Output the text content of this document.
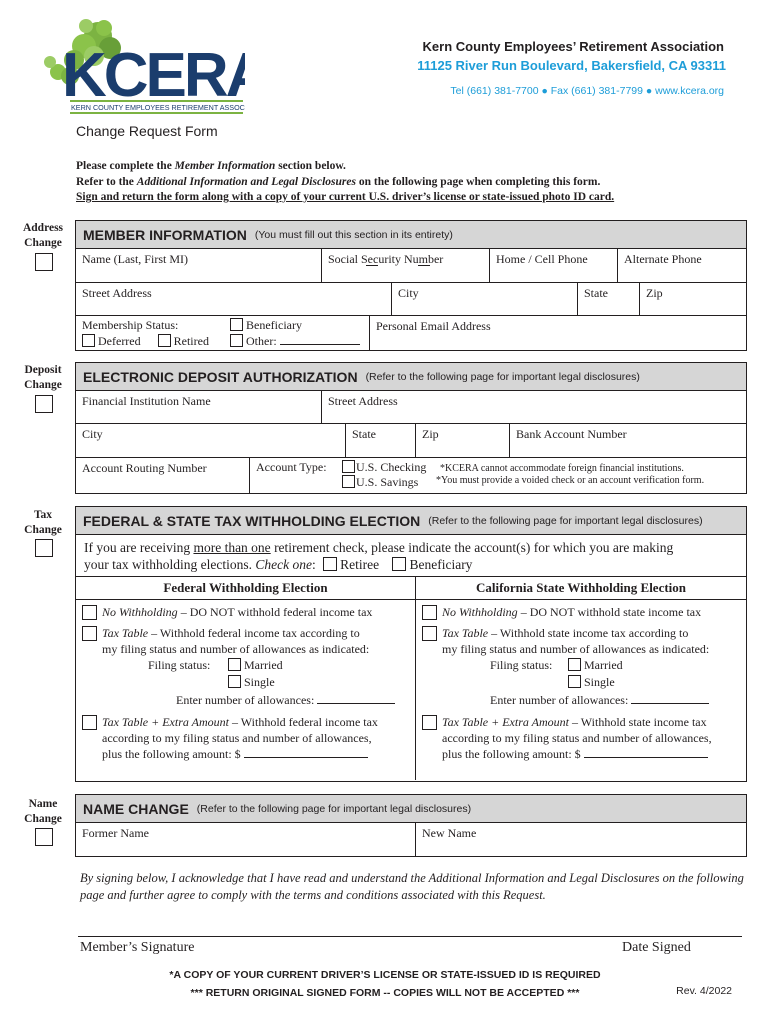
KCER
KERN COUNTY EMPLOYEES RETIREMENT ASSOC
Kern County Employees’ Retirement Association
11125 River Run Boulevard, Bakersfield, CA 93311
Tel (661) 381-7700 ● Fax (661) 381-7799 ● www.kcera.org
Change Request Form
Please complete the Member Information section below.
Refer to the Additional Information and Legal Disclosures on the following page when completing this form.
Sign and return the form along with a copy of your current U.S. driver’s license or state-issued photo ID card.
Address
Change
Deposit
Change
Tax
Change
Name
Change
MEMBER INFORMATION (You must fill out this section in its entirety)
Name (Last, First MI)	Social Security Number	Home / Cell Phone	Alternate Phone
Street Address	City	State	Zip
Membership Status:	Beneficiary
Deferred	Retired	Other:
Personal Email Address
ELECTRONIC DEPOSIT AUTHORIZATION (Refer to the following page for important legal disclosures)
Financial Institution Name	Street Address
City	State	Zip	Bank Account Number
Account Routing Number	Account Type:	U.S. Checking *KCERA cannot accommodate foreign financial institutions.
U.S. Savings *You must provide a voided check or an account verification form.
FEDERAL & STATE TAX WITHHOLDING ELECTION (Refer to the following page for important legal disclosures)
If you are receiving more than one retirement check, please indicate the account(s) for which you are making
your tax withholding elections. Check one: Retiree Beneficiary
Federal Withholding Election
No Withholding – DO NOT withhold federal income tax
Tax Table – Withhold federal income tax according to
my filing status and number of allowances as indicated:
Filing status:	Married
Single
Enter number of allowances:
Tax Table + Extra Amount – Withhold federal income tax
according to my filing status and number of allowances,
plus the following amount: $
California State Withholding Election
No Withholding – DO NOT withhold state income tax
Tax Table – Withhold state income tax according to
my filing status and number of allowances as indicated:
Filing status:	Married
Single
Enter number of allowances:
Tax Table + Extra Amount – Withhold state income tax
according to my filing status and number of allowances,
plus the following amount: $
NAME CHANGE (Refer to the following page for important legal disclosures)
Former Name	New Name
By signing below, I acknowledge that I have read and understand the Additional Information and Legal Disclosures on the following page and further agree to comply with the terms and conditions associated with this Request.
Member’s Signature	Date Signed
*A COPY OF YOUR CURRENT DRIVER’S LICENSE OR STATE-ISSUED ID IS REQUIRED
*** RETURN ORIGINAL SIGNED FORM -- COPIES WILL NOT BE ACCEPTED ***	Rev. 4/2022
